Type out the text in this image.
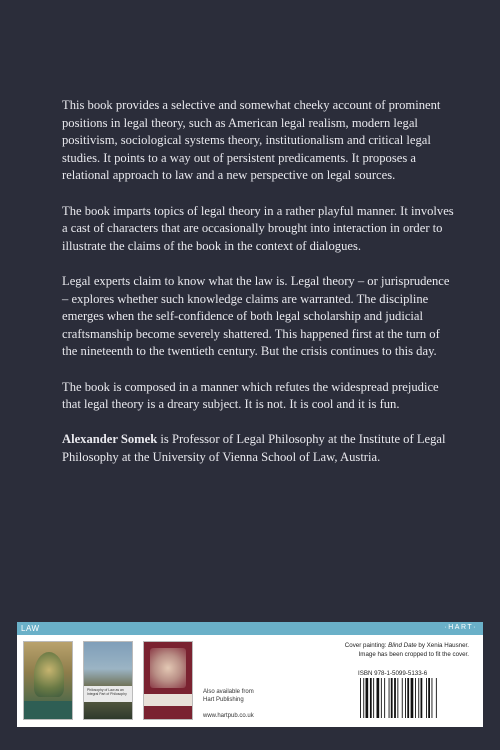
This book provides a selective and somewhat cheeky account of prominent positions in legal theory, such as American legal realism, modern legal positivism, sociological systems theory, institutionalism and critical legal studies. It points to a way out of persistent predicaments. It proposes a relational approach to law and a new perspective on legal sources.

The book imparts topics of legal theory in a rather playful manner. It involves a cast of characters that are occasionally brought into interaction in order to illustrate the claims of the book in the context of dialogues.

Legal experts claim to know what the law is. Legal theory – or jurisprudence – explores whether such knowledge claims are warranted. The discipline emerges when the self-confidence of both legal scholarship and judicial craftsmanship become severely shattered. This happened first at the turn of the nineteenth to the twentieth century. But the crisis continues to this day.

The book is composed in a manner which refutes the widespread prejudice that legal theory is a dreary subject. It is not. It is cool and it is fun.

Alexander Somek is Professor of Legal Philosophy at the Institute of Legal Philosophy at the University of Vienna School of Law, Austria.

LAW	·HART·
Philosophy of Law as an Integral Part of Philosophy	Also available from
Hart Publishing
www.hartpub.co.uk
Cover painting: Blind Date by Xenia Hausner.
Image has been cropped to fit the cover.
ISBN 978-1-5099-5133-6
